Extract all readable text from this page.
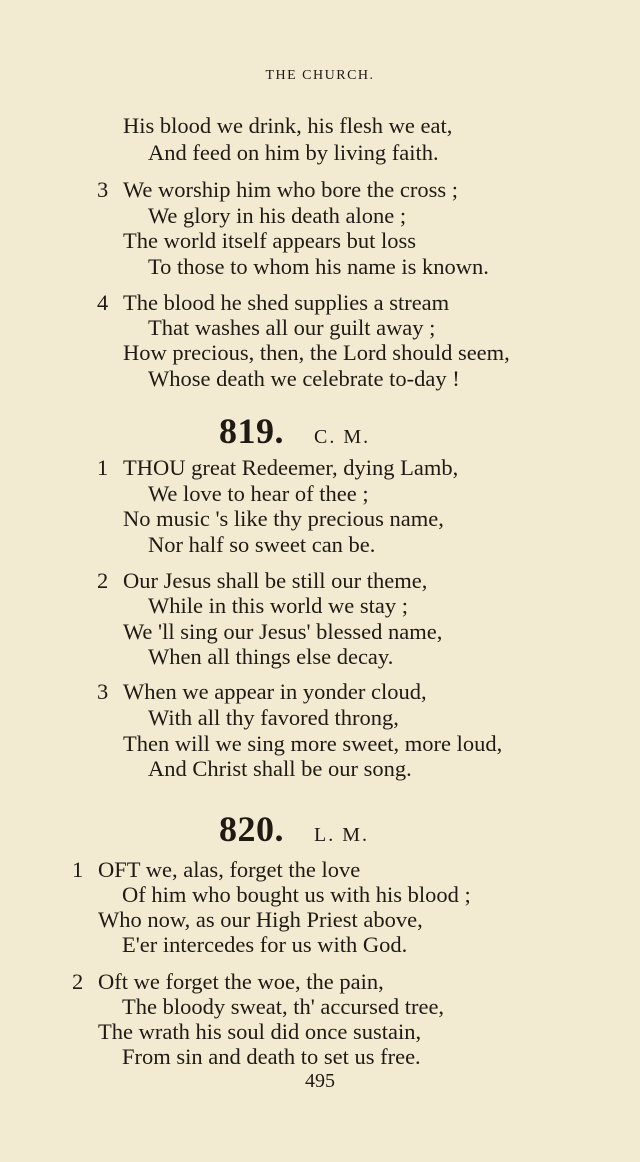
THE CHURCH.
His blood we drink, his flesh we eat,
And feed on him by living faith.
3 We worship him who bore the cross ;
We glory in his death alone ;
The world itself appears but loss
To those to whom his name is known.
4 The blood he shed supplies a stream
That washes all our guilt away ;
How precious, then, the Lord should seem,
Whose death we celebrate to-day !
819. C. M.
1 THOU great Redeemer, dying Lamb,
We love to hear of thee ;
No music 's like thy precious name,
Nor half so sweet can be.
2 Our Jesus shall be still our theme,
While in this world we stay ;
We 'll sing our Jesus' blessed name,
When all things else decay.
3 When we appear in yonder cloud,
With all thy favored throng,
Then will we sing more sweet, more loud,
And Christ shall be our song.
820. L. M.
1 OFT we, alas, forget the love
Of him who bought us with his blood ;
Who now, as our High Priest above,
E'er intercedes for us with God.
2 Oft we forget the woe, the pain,
The bloody sweat, th' accursed tree,
The wrath his soul did once sustain,
From sin and death to set us free.
495
